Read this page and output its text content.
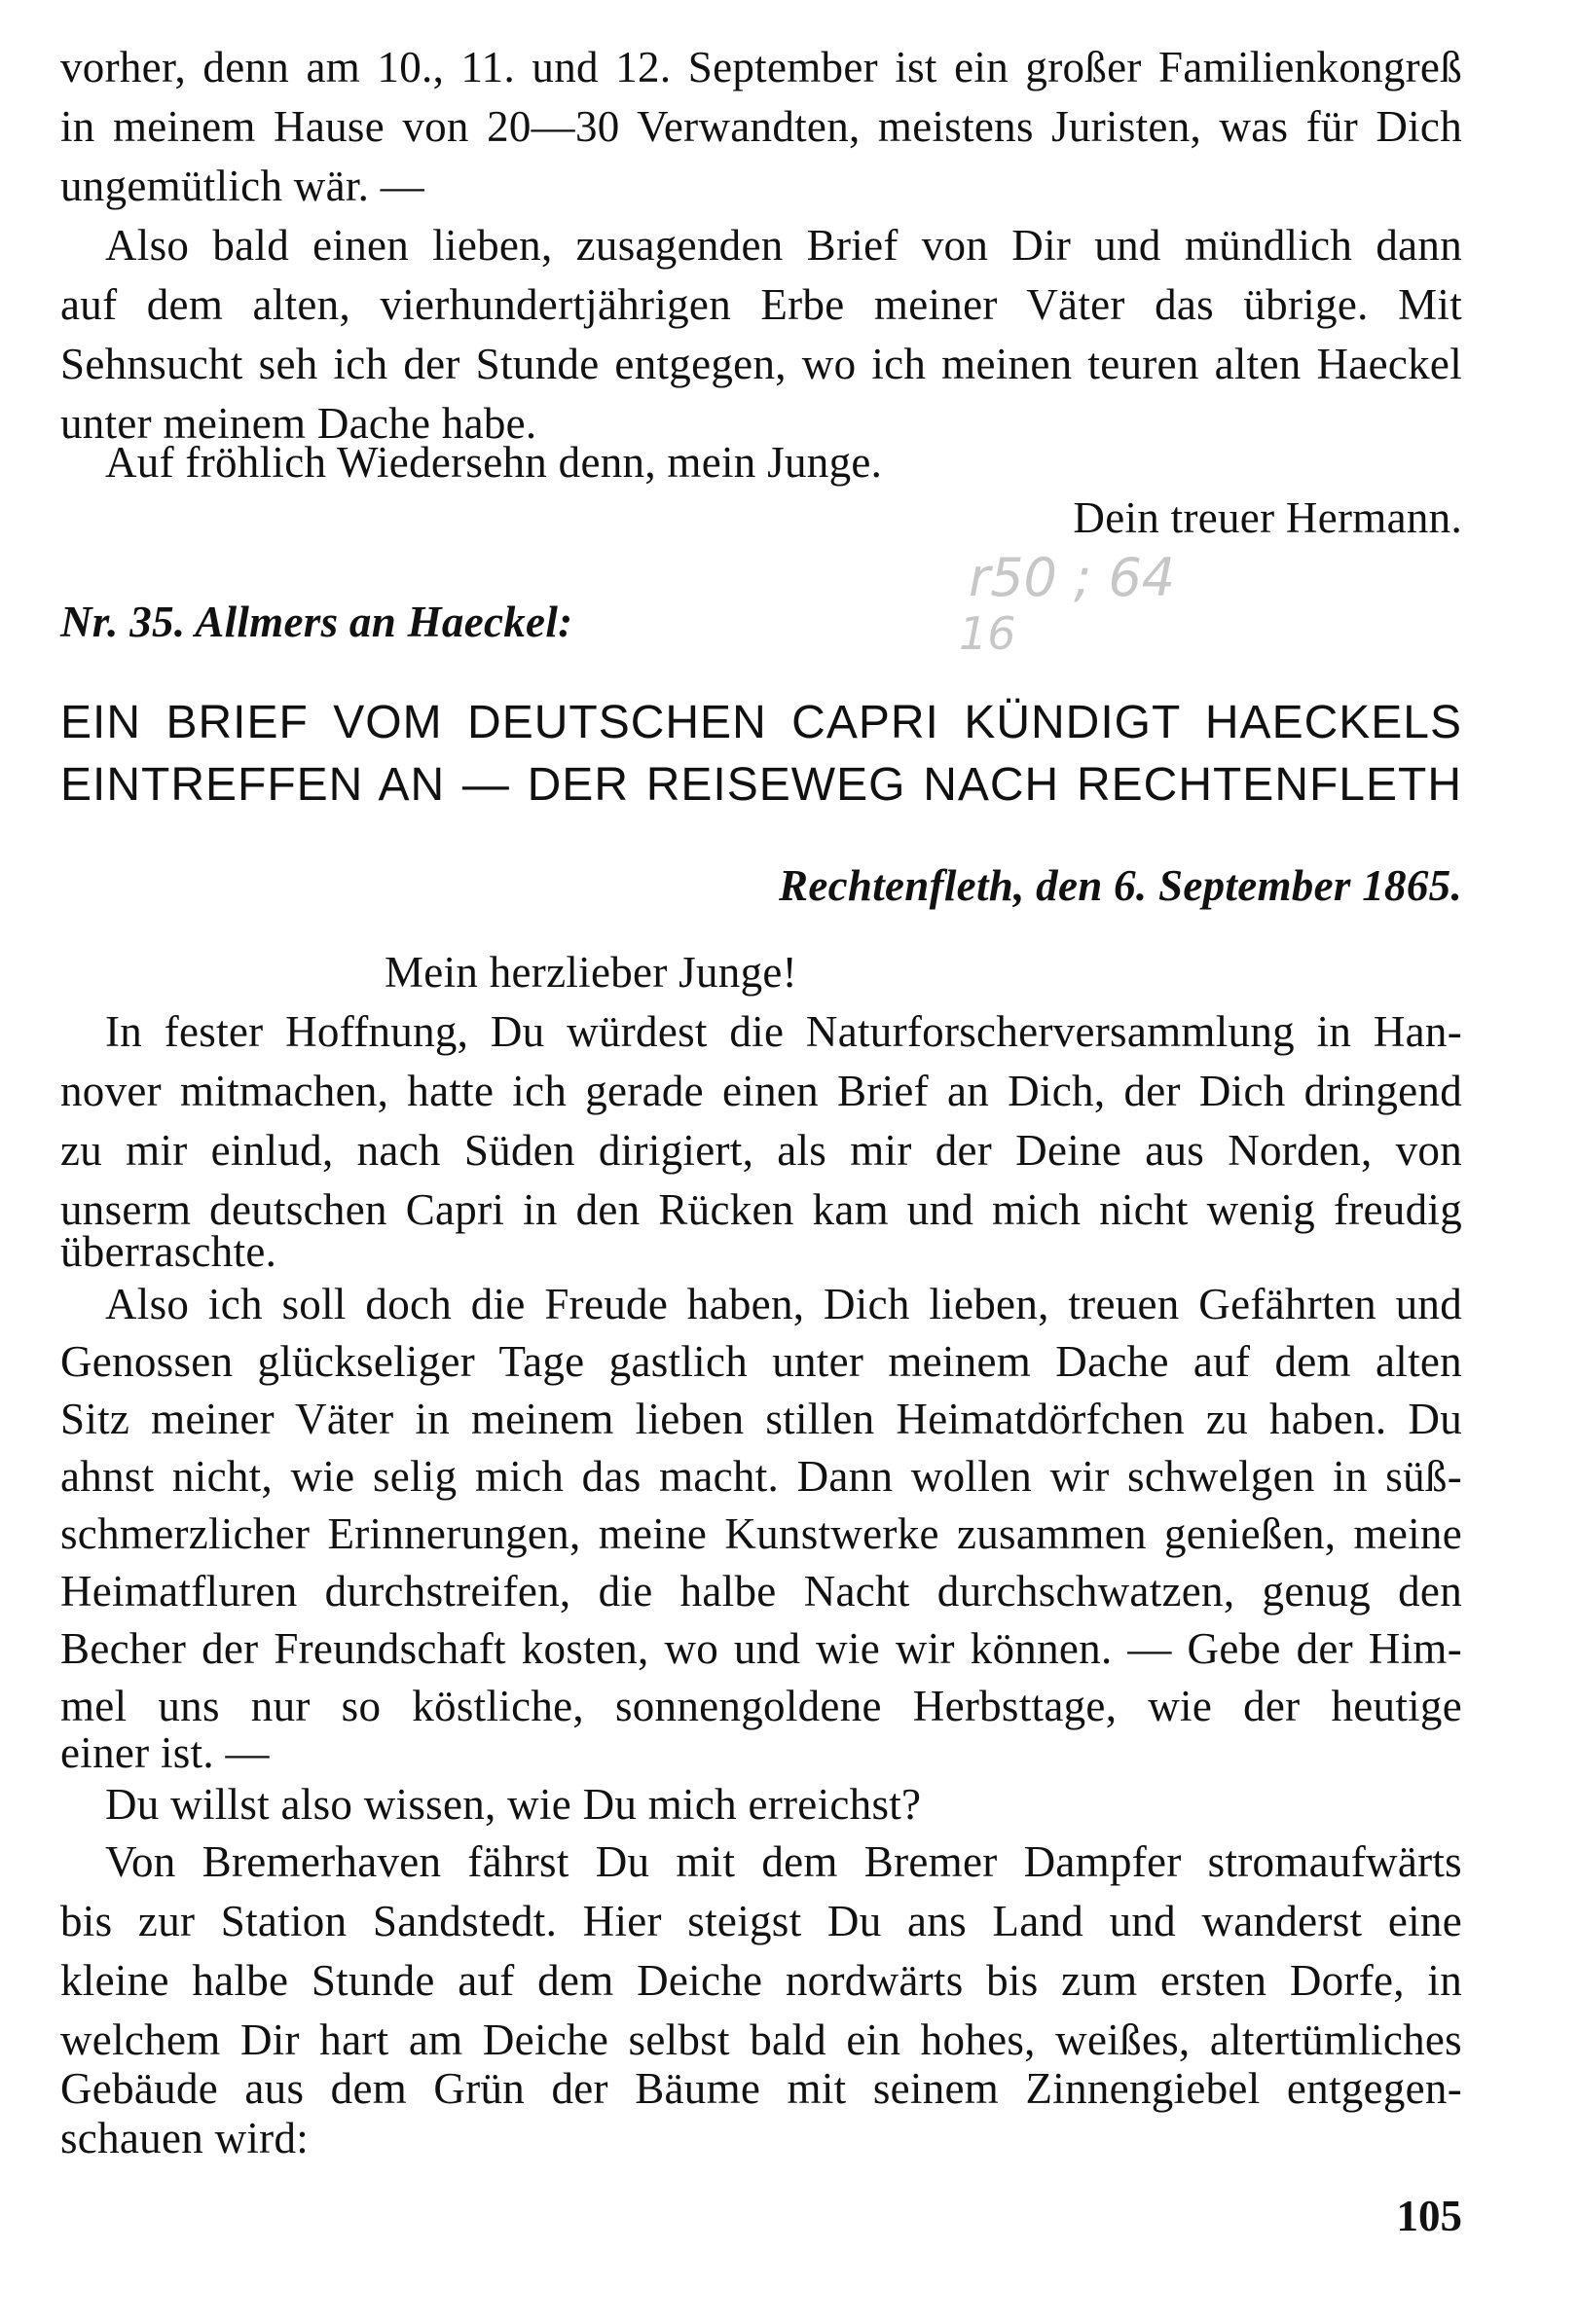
vorher, denn am 10., 11. und 12. September ist ein großer Familienkongreß
in meinem Hause von 20—30 Verwandten, meistens Juristen, was für Dich
ungemütlich wär. —
Also bald einen lieben, zusagenden Brief von Dir und mündlich dann
auf dem alten, vierhundertjährigen Erbe meiner Väter das übrige. Mit
Sehnsucht seh ich der Stunde entgegen, wo ich meinen teuren alten Haeckel
unter meinem Dache habe.
Auf fröhlich Wiedersehn denn, mein Junge.
Dein treuer Hermann.
r50 ; 64
16
Nr. 35. Allmers an Haeckel:
EIN BRIEF VOM DEUTSCHEN CAPRI KÜNDIGT HAECKELS
EINTREFFEN AN — DER REISEWEG NACH RECHTENFLETH
Rechtenfleth, den 6. September 1865.
Mein herzlieber Junge!
In fester Hoffnung, Du würdest die Naturforscherversammlung in Han-
nover mitmachen, hatte ich gerade einen Brief an Dich, der Dich dringend
zu mir einlud, nach Süden dirigiert, als mir der Deine aus Norden, von
unserm deutschen Capri in den Rücken kam und mich nicht wenig freudig
überraschte.
Also ich soll doch die Freude haben, Dich lieben, treuen Gefährten und
Genossen glückseliger Tage gastlich unter meinem Dache auf dem alten
Sitz meiner Väter in meinem lieben stillen Heimatdörfchen zu haben. Du
ahnst nicht, wie selig mich das macht. Dann wollen wir schwelgen in süß-
schmerzlicher Erinnerungen, meine Kunstwerke zusammen genießen, meine
Heimatfluren durchstreifen, die halbe Nacht durchschwatzen, genug den
Becher der Freundschaft kosten, wo und wie wir können. — Gebe der Him-
mel uns nur so köstliche, sonnengoldene Herbsttage, wie der heutige
einer ist. —
Du willst also wissen, wie Du mich erreichst?
Von Bremerhaven fährst Du mit dem Bremer Dampfer stromaufwärts
bis zur Station Sandstedt. Hier steigst Du ans Land und wanderst eine
kleine halbe Stunde auf dem Deiche nordwärts bis zum ersten Dorfe, in
welchem Dir hart am Deiche selbst bald ein hohes, weißes, altertümliches
Gebäude aus dem Grün der Bäume mit seinem Zinnengiebel entgegen-
schauen wird:
105
